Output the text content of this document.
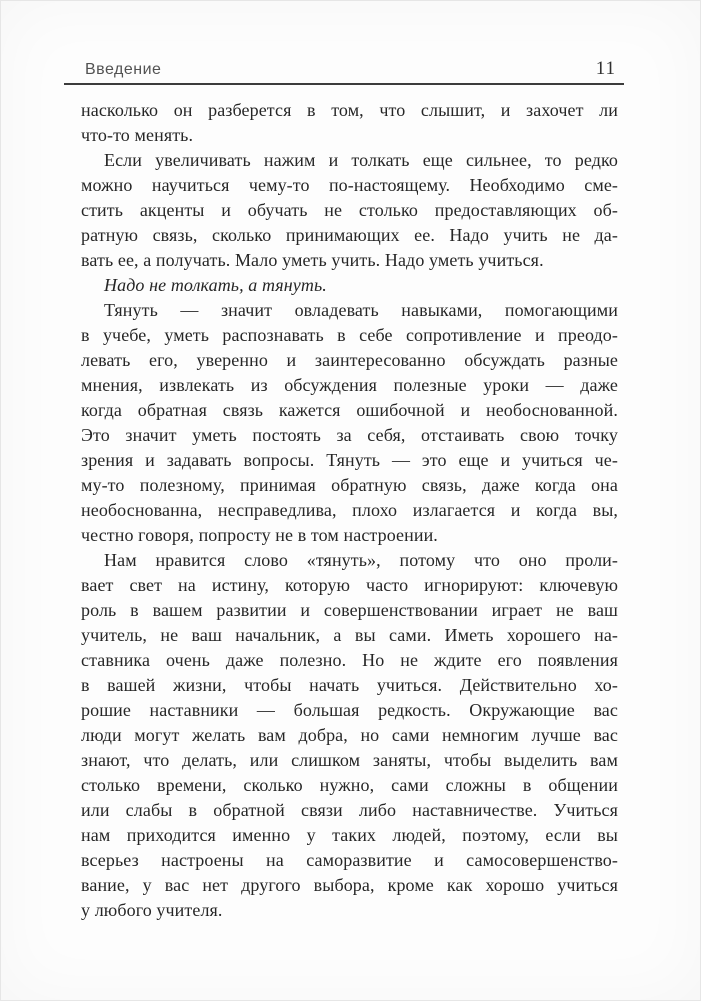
Введение	11
насколько он разберется в том, что слышит, и захочет ли
что-то менять.
Если увеличивать нажим и толкать еще сильнее, то редко
можно научиться чему-то по-настоящему. Необходимо сме-
стить акценты и обучать не столько предоставляющих об-
ратную связь, сколько принимающих ее. Надо учить не да-
вать ее, а получать. Мало уметь учить. Надо уметь учиться.
Надо не толкать, а тянуть.
Тянуть — значит овладевать навыками, помогающими
в учебе, уметь распознавать в себе сопротивление и преодо-
левать его, уверенно и заинтересованно обсуждать разные
мнения, извлекать из обсуждения полезные уроки — даже
когда обратная связь кажется ошибочной и необоснованной.
Это значит уметь постоять за себя, отстаивать свою точку
зрения и задавать вопросы. Тянуть — это еще и учиться че-
му-то полезному, принимая обратную связь, даже когда она
необоснованна, несправедлива, плохо излагается и когда вы,
честно говоря, попросту не в том настроении.
Нам нравится слово «тянуть», потому что оно проли-
вает свет на истину, которую часто игнорируют: ключевую
роль в вашем развитии и совершенствовании играет не ваш
учитель, не ваш начальник, а вы сами. Иметь хорошего на-
ставника очень даже полезно. Но не ждите его появления
в вашей жизни, чтобы начать учиться. Действительно хо-
рошие наставники — большая редкость. Окружающие вас
люди могут желать вам добра, но сами немногим лучше вас
знают, что делать, или слишком заняты, чтобы выделить вам
столько времени, сколько нужно, сами сложны в общении
или слабы в обратной связи либо наставничестве. Учиться
нам приходится именно у таких людей, поэтому, если вы
всерьез настроены на саморазвитие и самосовершенство-
вание, у вас нет другого выбора, кроме как хорошо учиться
у любого учителя.
